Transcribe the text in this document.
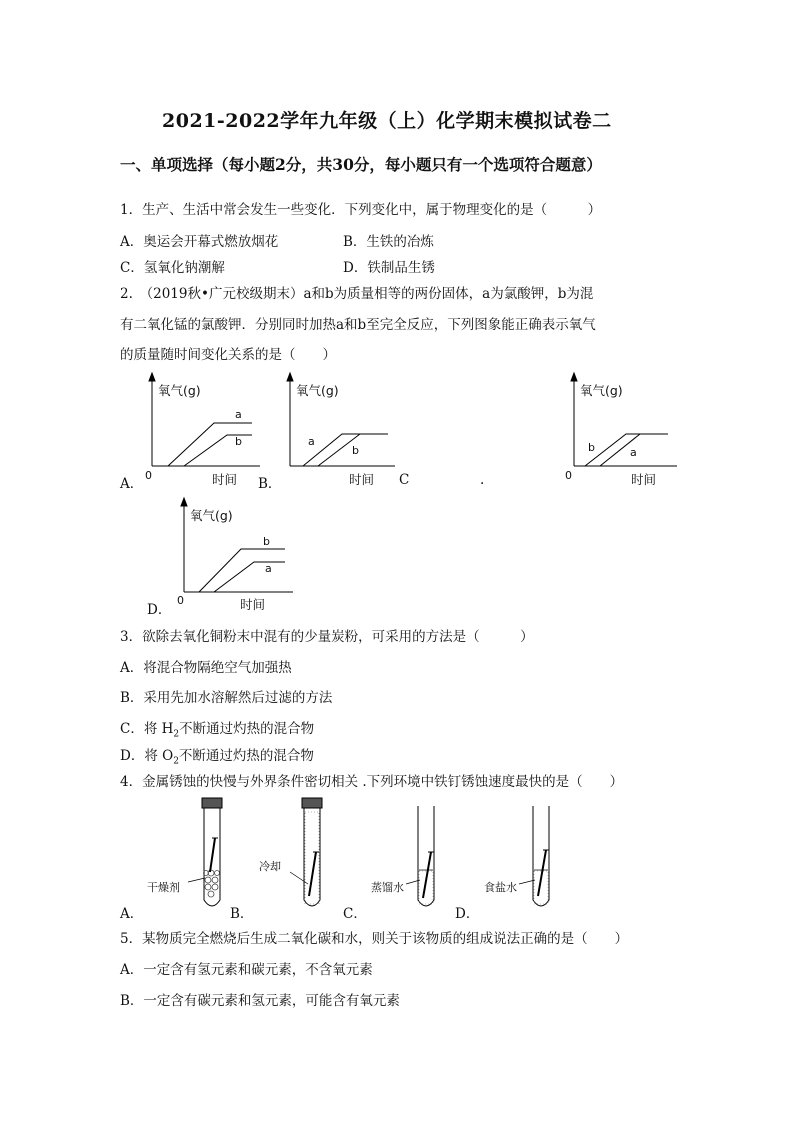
2021-2022学年九年级（上）化学期末模拟试卷二
一、单项选择（每小题2分，共30分，每小题只有一个选项符合题意）
1．生产、生活中常会发生一些变化．下列变化中，属于物理变化的是（　　　）
A．奥运会开幕式燃放烟花	B．生铁的冶炼
C．氢氧化钠潮解	D．铁制品生锈
2.　（2019秋•广元校级期末）a和b为质量相等的两份固体，a为氯酸钾，b为混
有二氧化锰的氯酸钾．分别同时加热a和b至完全反应，下列图象能正确表示氧气
的质量随时间变化关系的是（　　）
氧气(g)
时间
0
a
b
A．
氧气(g)
时间
a
b
B．	C	.
氧气(g)
时间
0
b	a
氧气(g)
时间
0
b
a
D．
3．欲除去氧化铜粉末中混有的少量炭粉，可采用的方法是（　　　）
A．将混合物隔绝空气加强热
B．采用先加水溶解然后过滤的方法
C．将 $H_2$不断通过灼热的混合物
D．将 $O_2$不断通过灼热的混合物
4．金属锈蚀的快慢与外界条件密切相关 .下列环境中铁钉锈蚀速度最快的是（　　）
干燥剂
A．
冷却
B．
蒸馏水
C．
食盐水
D．
5．某物质完全燃烧后生成二氧化碳和水，则关于该物质的组成说法正确的是（　　）
A．一定含有氢元素和碳元素，不含氧元素
B．一定含有碳元素和氢元素，可能含有氧元素
